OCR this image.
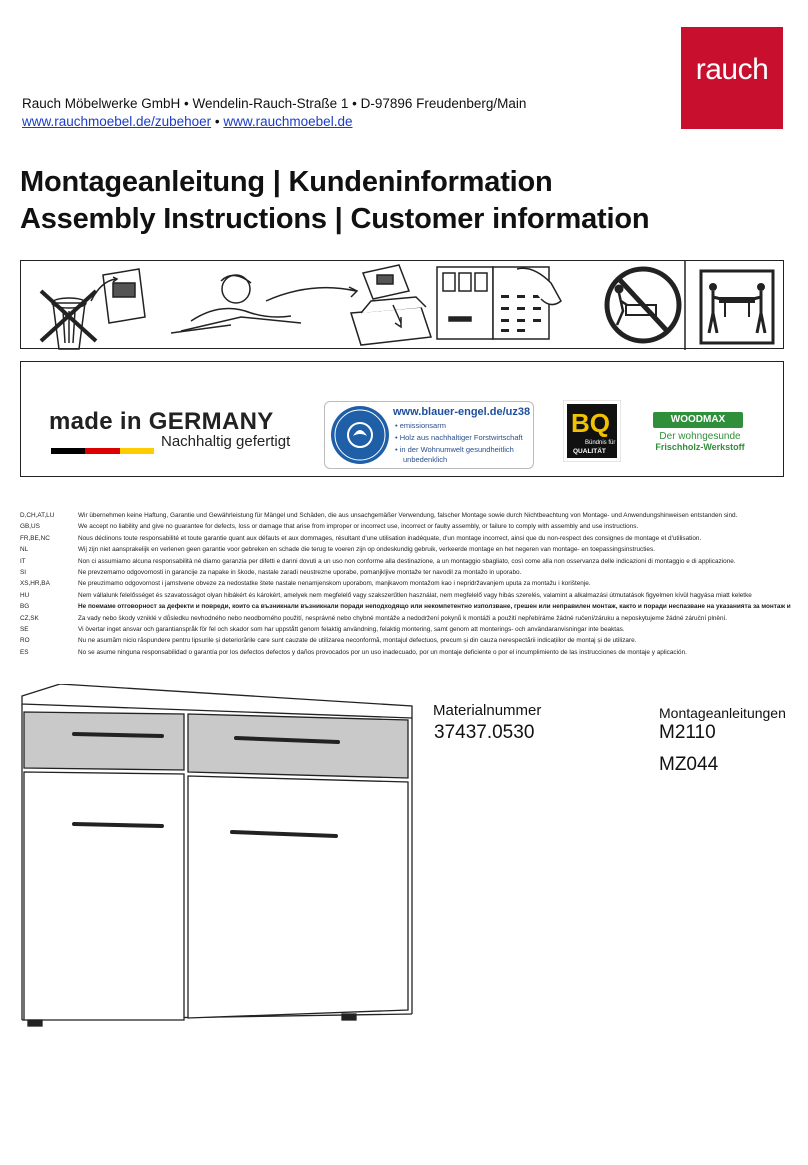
rauch
Rauch Möbelwerke GmbH • Wendelin-Rauch-Straße 1 • D-97896 Freudenberg/Main
www.rauchmoebel.de/zubehoer • www.rauchmoebel.de
Montageanleitung | Kundeninformation
Assembly Instructions | Customer information
made in GERMANY
Nachhaltig gefertigt
www.blauer-engel.de/uz38
• emissionsarm
• Holz aus nachhaltiger Forstwirtschaft
• in der Wohnumwelt gesundheitlich
unbedenklich
BQ
Bündnis für
QUALITÄT
WOODMAX
Der wohngesunde
Frischholz-Werkstoff
D,CH,AT,LU	Wir übernehmen keine Haftung, Garantie und Gewährleistung für Mängel und Schäden, die aus unsachgemäßer Verwendung, falscher Montage sowie durch Nichtbeachtung von Montage- und Anwendungshinweisen entstanden sind.
GB,US	We accept no liability and give no guarantee for defects, loss or damage that arise from improper or incorrect use, incorrect or faulty assembly, or failure to comply with assembly and use instructions.
FR,BE,NC	Nous déclinons toute responsabilité et toute garantie quant aux défauts et aux dommages, résultant d'une utilisation inadéquate, d'un montage incorrect, ainsi que du non-respect des consignes de montage et d'utilisation.
NL	Wij zijn niet aansprakelijk en verlenen geen garantie voor gebreken en schade die terug te voeren zijn op ondeskundig gebruik, verkeerde montage en het negeren van montage- en toepassingsinstructies.
IT	Non ci assumiamo alcuna responsabilità né diamo garanzia per difetti e danni dovuti a un uso non conforme alla destinazione, a un montaggio sbagliato, così come alla non osservanza delle indicazioni di montaggio e di applicazione.
SI	Ne prevzemamo odgovornosti in garancije za napake in škode, nastale zaradi neustrezne uporabe, pomanjkljive montaže ter navodil za montažo in uporabo.
XS,HR,BA	Ne preuzimamo odgovornost i jamstvene obveze za nedostatke štete nastale nenamjenskom uporabom, manjkavom montažom kao i nepridržavanjem uputa za montažu i korištenje.
HU	Nem vállalunk felelősséget és szavatosságot olyan hibákért és károkért, amelyek nem megfelelő vagy szakszerűtlen használat, nem megfelelő vagy hibás szerelés, valamint a alkalmazási útmutatások figyelmen kívül hagyása miatt keletke
BG	Не поемаме отговорност за дефекти и повреди, които са възникнали възникнали поради неподходящо или некомпетентно използване, грешен или неправилен монтаж, както и поради неспазване на указанията за монтаж и
CZ,SK	Za vady nebo škody vzniklé v důsledku nevhodného nebo neodborného použití, nesprávné nebo chybné montáže a nedodržení pokynů k montáži a použití nepřebíráme žádné ručení/záruku a neposkytujeme žádné záruční plnění.
SE	Vi övertar inget ansvar och garantianspråk för fel och skador som har uppstått genom felaktig användning, felaktig montering, samt genom att monterings- och användaranvisningar inte beaktas.
RO	Nu ne asumăm nicio răspundere pentru lipsurile și deteriorările care sunt cauzate de utilizarea neconformă, montajul defectuos, precum și din cauza nerespectării indicațiilor de montaj și de utilizare.
ES	No se asume ninguna responsabilidad o garantía por los defectos defectos y daños provocados por un uso inadecuado, por un montaje deficiente o por el incumplimiento de las instrucciones de montaje y aplicación.
Materialnummer
37437.0530
Montageanleitungen
M2110
MZ044
